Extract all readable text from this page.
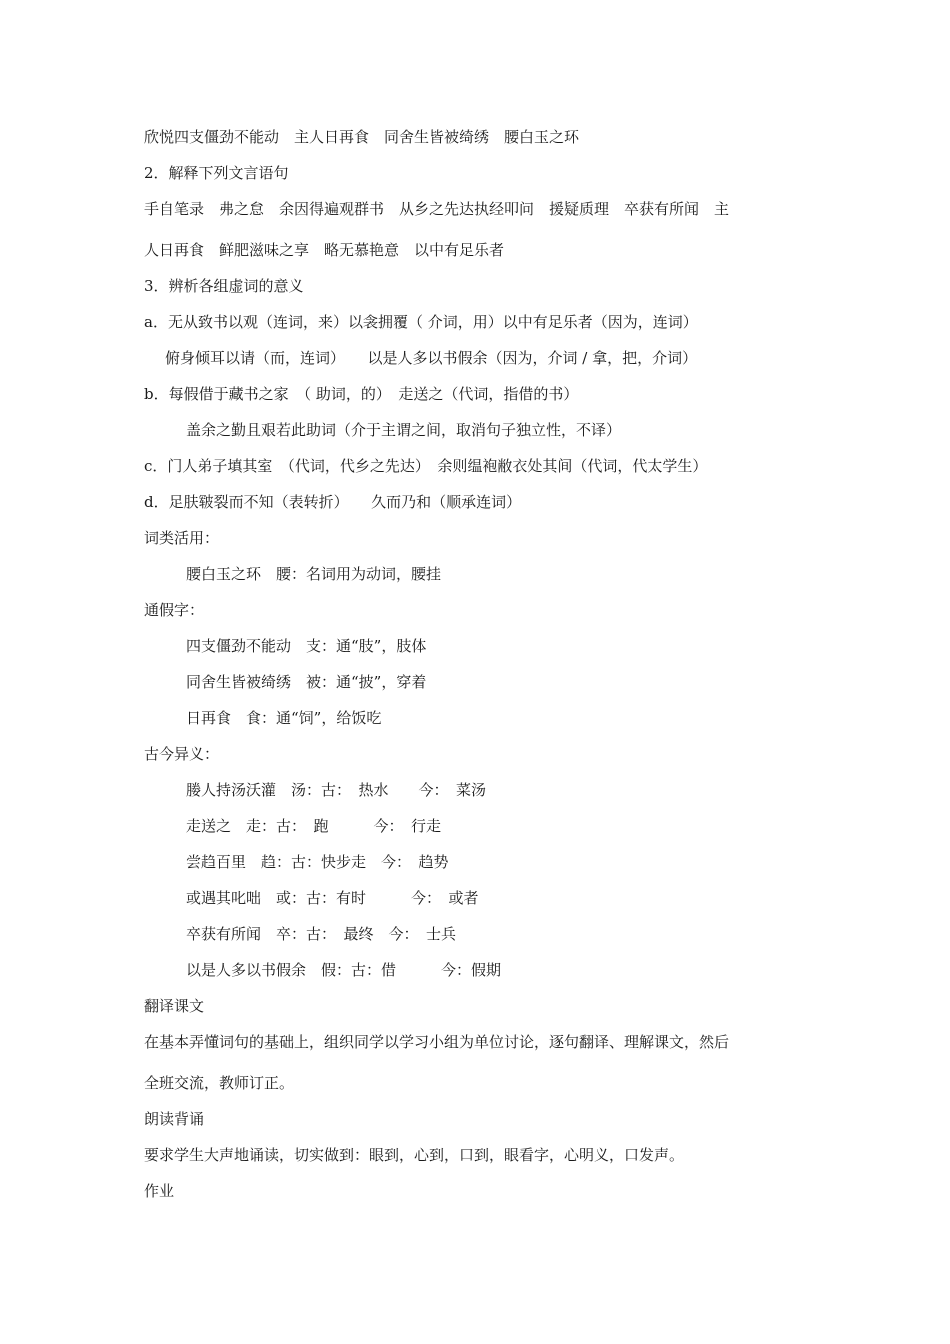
欣悦四支僵劲不能动　主人日再食　同舍生皆被绮绣　腰白玉之环
2．解释下列文言语句
手自笔录　弗之怠　余因得遍观群书　从乡之先达执经叩问　援疑质理　卒获有所闻　主
人日再食　鲜肥滋味之享　略无慕艳意　以中有足乐者
3．辨析各组虚词的意义
a．无从致书以观（连词，来）以衾拥覆（ 介词，用）以中有足乐者（因为，连词）
俯身倾耳以请（而，连词）　　以是人多以书假余（因为，介词 / 拿，把，介词）
b．每假借于藏书之家　（ 助词，的）　走送之（代词，指借的书）
盖余之勤且艰若此助词（介于主谓之间，取消句子独立性，不译）
c．门人弟子填其室　（代词，代乡之先达）　余则缊袍敝衣处其间（代词，代太学生）
d．足肤皲裂而不知（表转折）　　久而乃和（顺承连词）
词类活用：
腰白玉之环　腰：名词用为动词，腰挂
通假字：
四支僵劲不能动　支：通“肢”，肢体
同舍生皆被绮绣　被：通“披”，穿着
日再食　食：通“饲”，给饭吃
古今异义：
媵人持汤沃灌　汤：古：　热水　　今：　菜汤
走送之　走：古：　跑　　　今：　行走
尝趋百里　趋：古：快步走　今：　趋势
或遇其叱咄　或：古：有时　　　今：　或者
卒获有所闻　卒：古：　最终　今：　士兵
以是人多以书假余　假：古：借　　　今：假期
翻译课文
在基本弄懂词句的基础上，组织同学以学习小组为单位讨论，逐句翻译、理解课文，然后
全班交流，教师订正。
朗读背诵
要求学生大声地诵读，切实做到：眼到，心到，口到，眼看字，心明义，口发声。
作业
